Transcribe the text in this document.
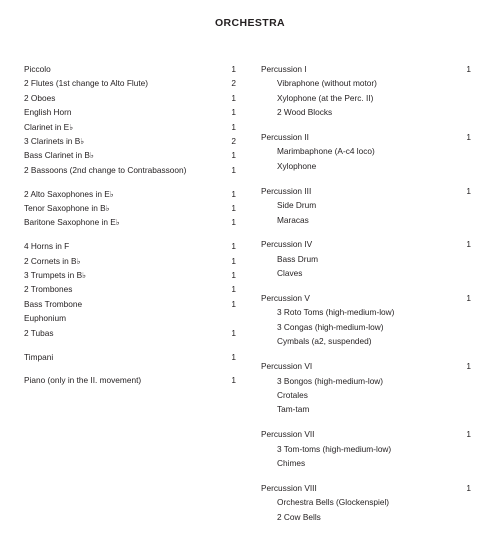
ORCHESTRA
Piccolo	1
2 Flutes (1st change to Alto Flute)	2
2 Oboes	1
English Horn	1
Clarinet in E♭	1
3 Clarinets in B♭	2
Bass Clarinet in B♭	1
2 Bassoons (2nd change to Contrabassoon)	1
2 Alto Saxophones in E♭	1
Tenor Saxophone in B♭	1
Baritone Saxophone in E♭	1
4 Horns in F	1
2 Cornets in B♭	1
3 Trumpets in B♭	1
2 Trombones	1
Bass Trombone	1
Euphonium
2 Tubas	1
Timpani	1
Piano (only in the II. movement)	1
Percussion I	1
Vibraphone (without motor)
Xylophone (at the Perc. II)
2 Wood Blocks
Percussion II	1
Marimbaphone (A-c4 loco)
Xylophone
Percussion III	1
Side Drum
Maracas
Percussion IV	1
Bass Drum
Claves
Percussion V	1
3 Roto Toms (high-medium-low)
3 Congas (high-medium-low)
Cymbals (a2, suspended)
Percussion VI	1
3 Bongos (high-medium-low)
Crotales
Tam-tam
Percussion VII	1
3 Tom-toms (high-medium-low)
Chimes
Percussion VIII	1
Orchestra Bells (Glockenspiel)
2 Cow Bells
